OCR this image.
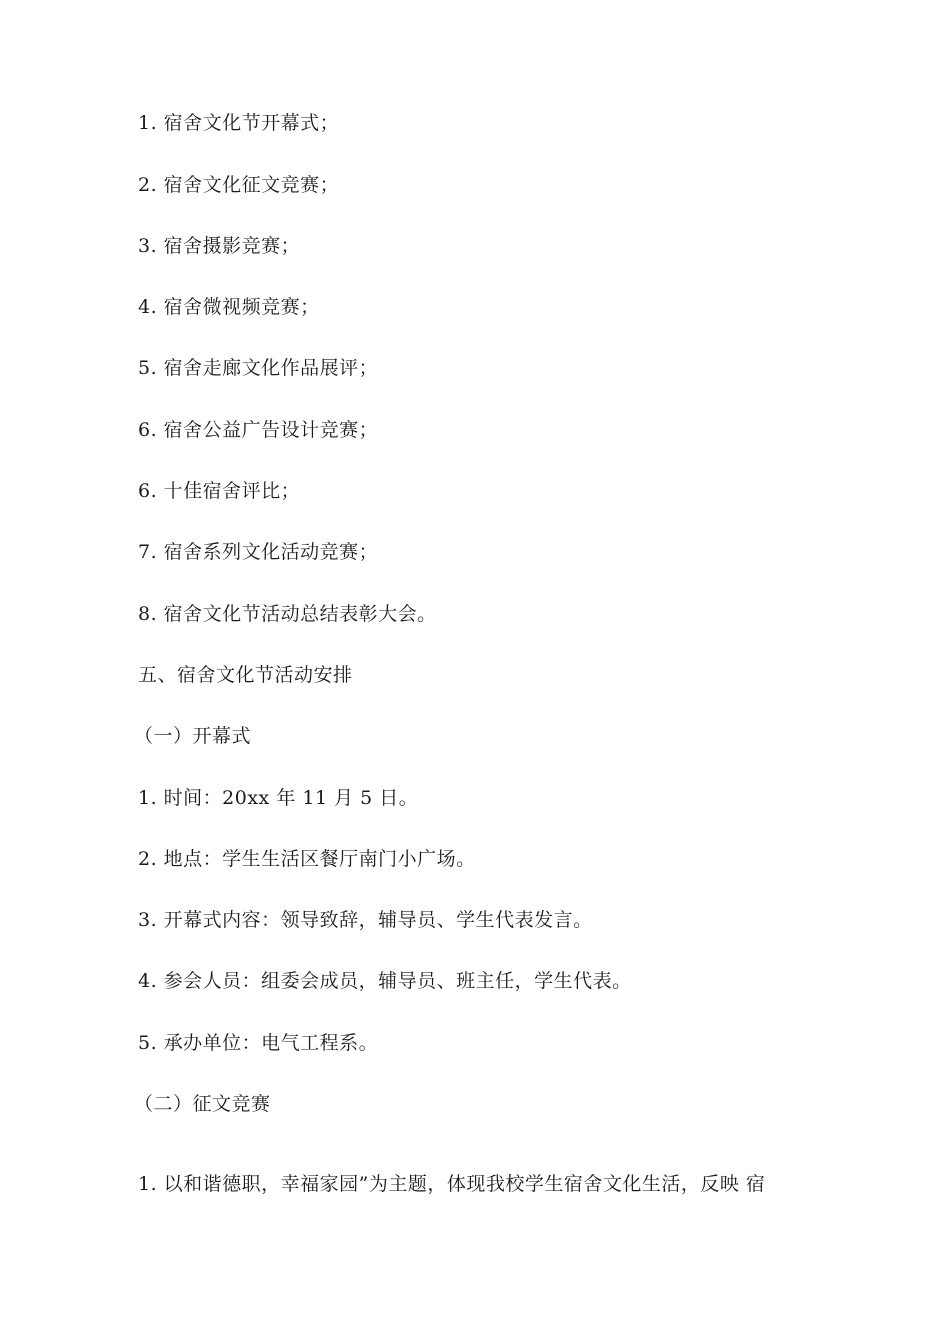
1. 宿舍文化节开幕式；
2. 宿舍文化征文竞赛；
3. 宿舍摄影竞赛；
4. 宿舍微视频竞赛；
5. 宿舍走廊文化作品展评；
6. 宿舍公益广告设计竞赛；
6. 十佳宿舍评比；
7. 宿舍系列文化活动竞赛；
8. 宿舍文化节活动总结表彰大会。
五、宿舍文化节活动安排
（一）开幕式
1. 时间：20xx 年 11 月 5 日。
2. 地点：学生生活区餐厅南门小广场。
3. 开幕式内容：领导致辞，辅导员、学生代表发言。
4. 参会人员：组委会成员，辅导员、班主任，学生代表。
5. 承办单位：电气工程系。
（二）征文竞赛
1. 以和谐德职，幸福家园”为主题，体现我校学生宿舍文化生活，反映 宿
